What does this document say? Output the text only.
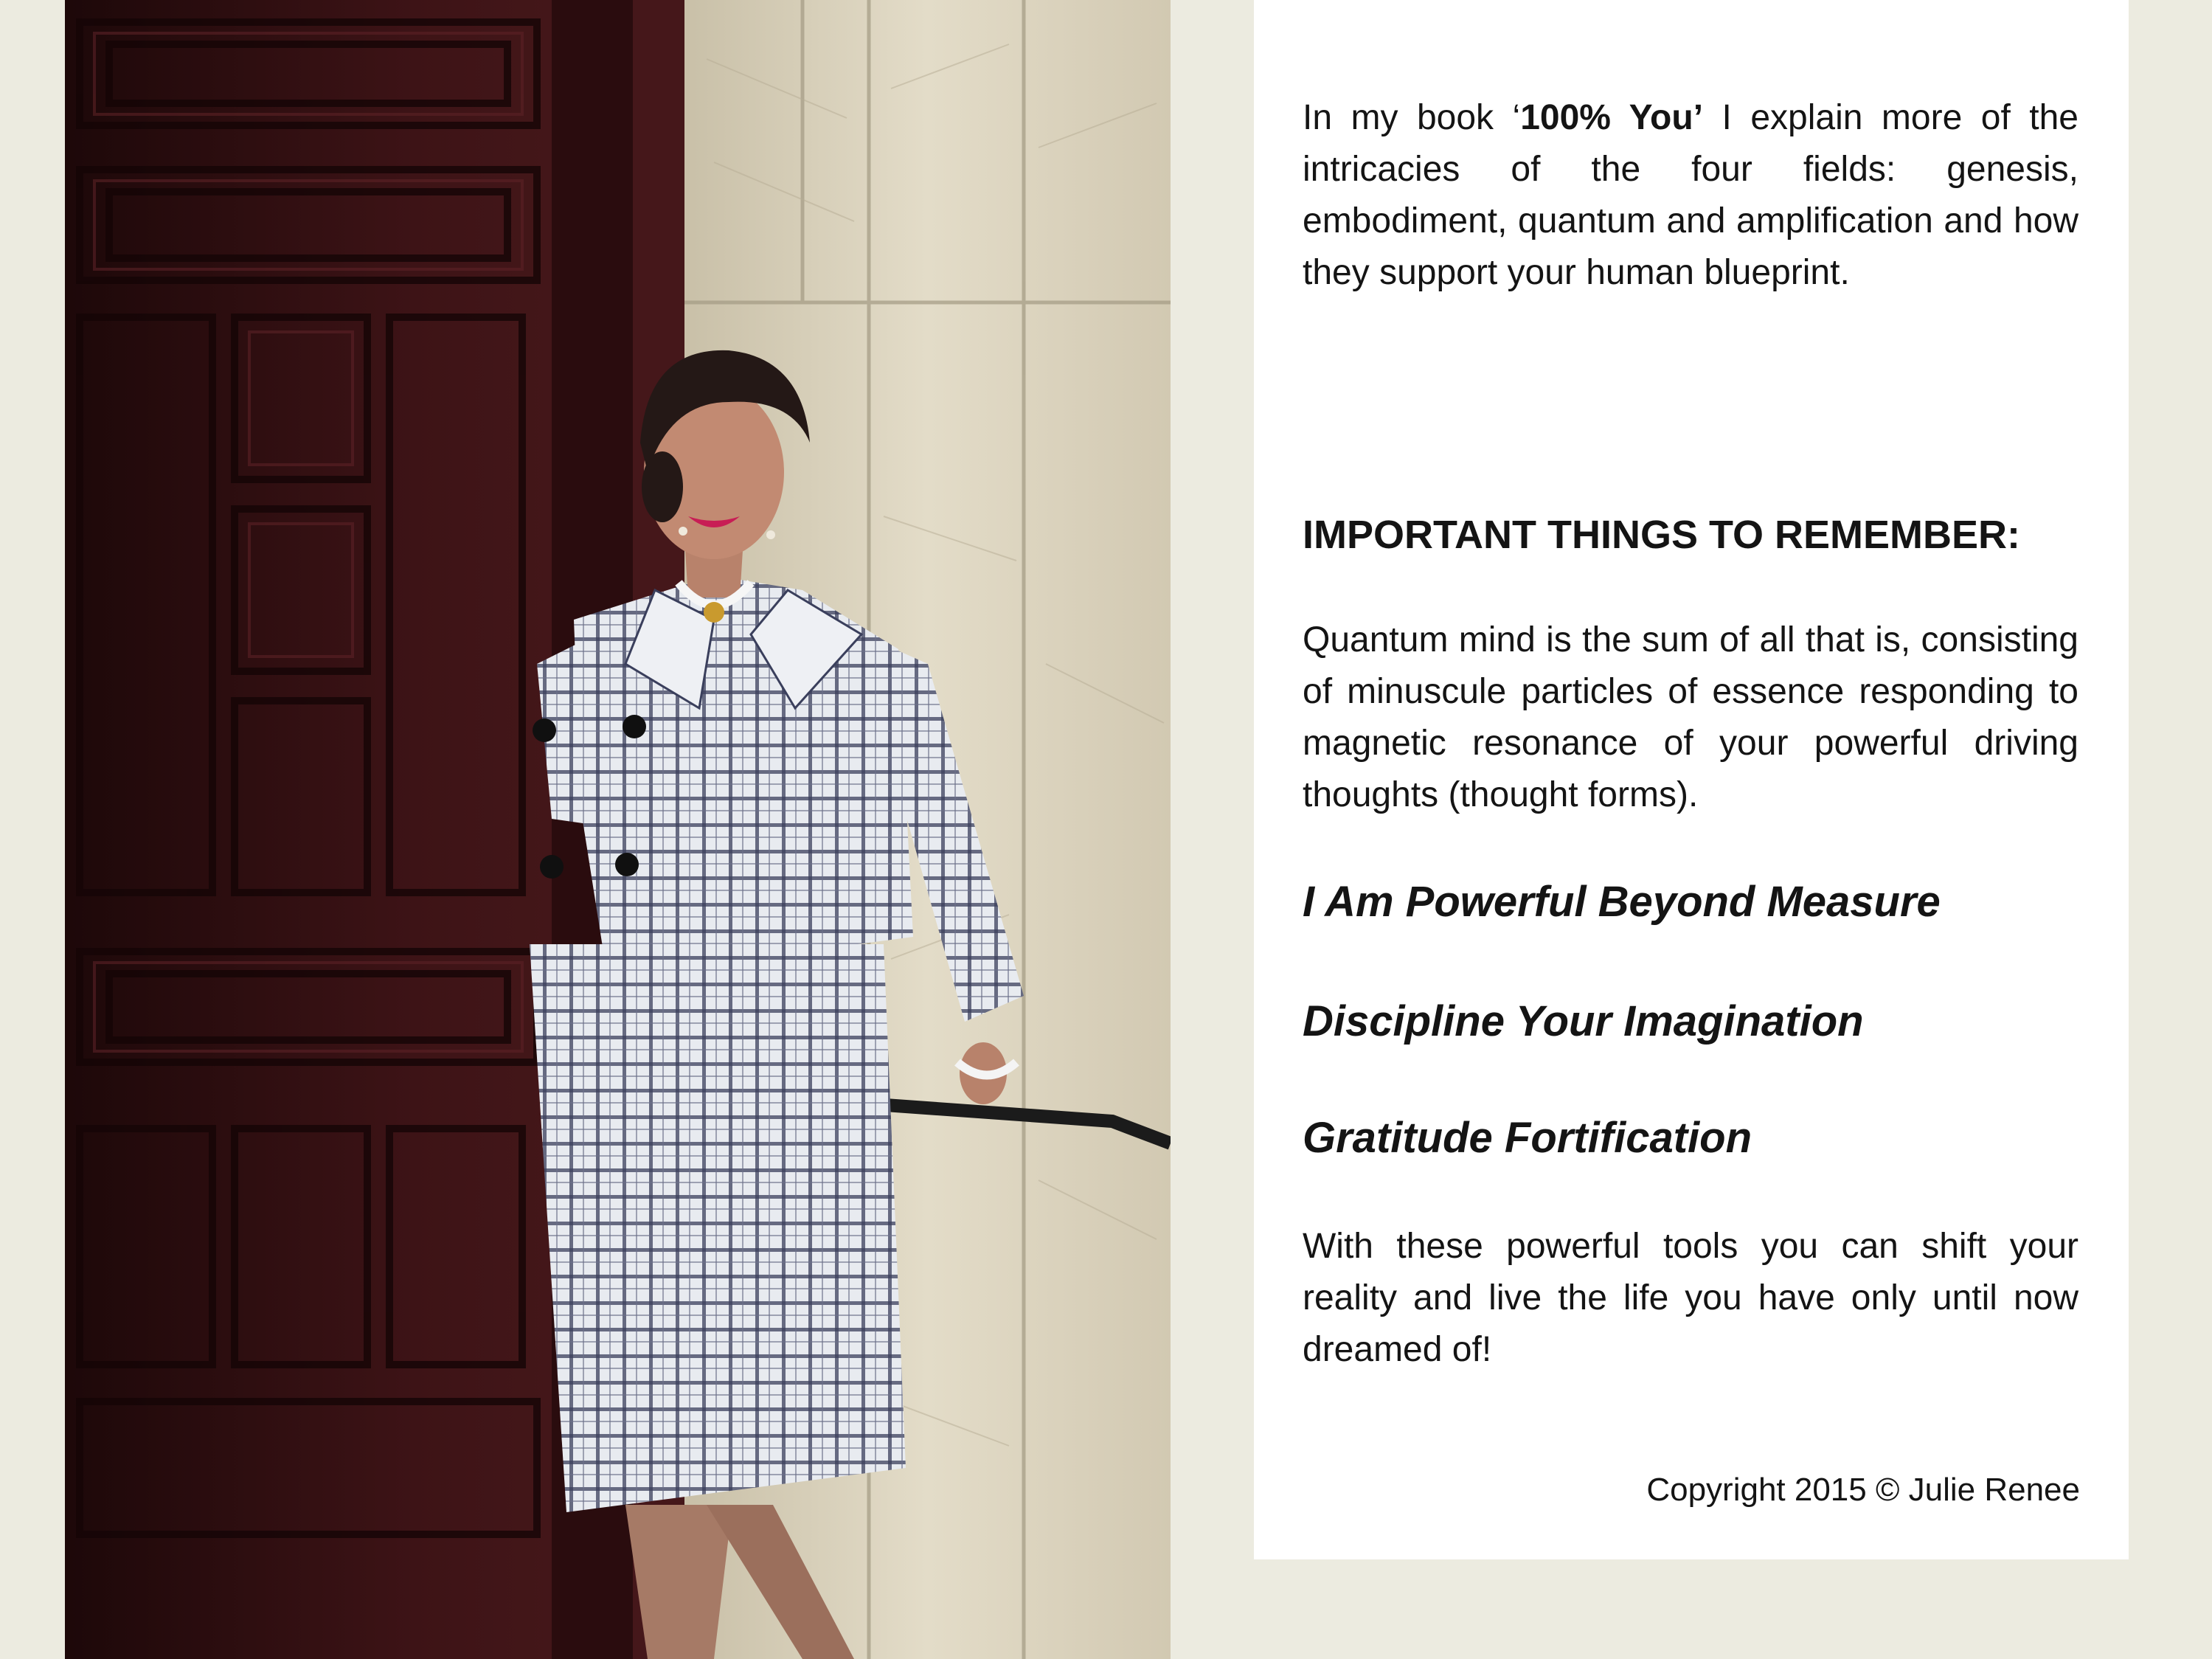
In my book ‘100% You’ I explain more of the intricacies of the four fields: genesis, embodiment, quantum and amplification and how they support your human blueprint.
IMPORTANT THINGS TO REMEMBER:
Quantum mind is the sum of all that is, consisting of minuscule particles of essence responding to magnetic resonance of your powerful driving thoughts (thought forms).
I Am Powerful Beyond Measure
Discipline Your Imagination
Gratitude Fortification
With these powerful tools you can shift your reality and live the life you have only until now dreamed of!
Copyright 2015 © Julie Renee
